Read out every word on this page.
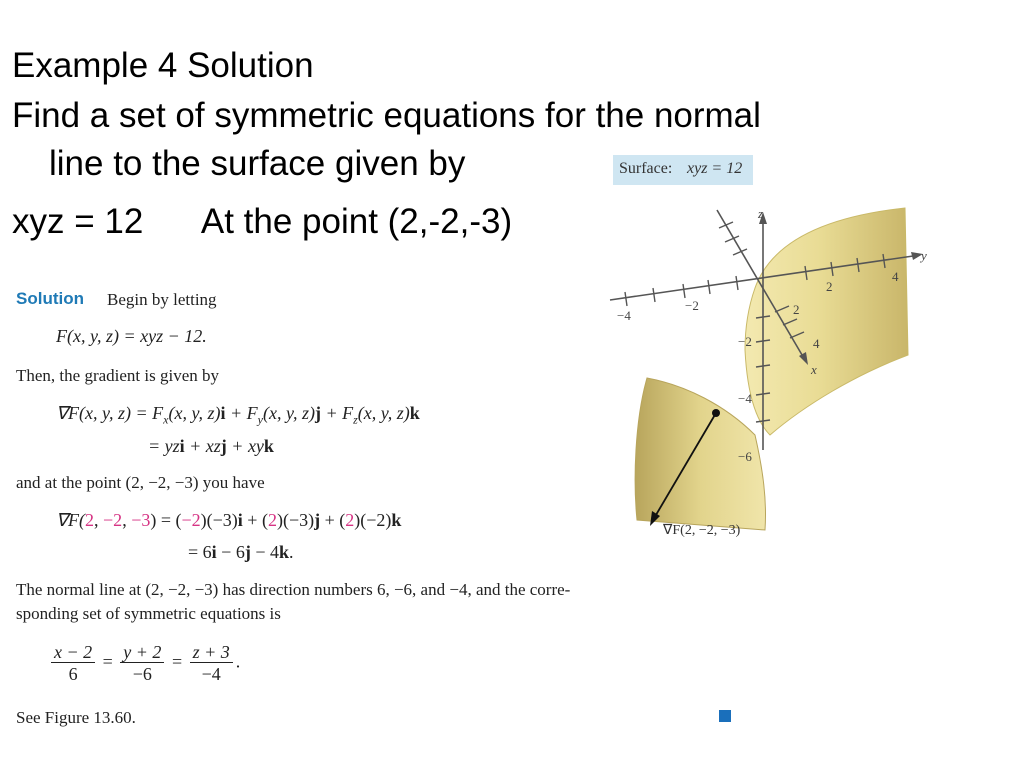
Example 4 Solution
Find a set of symmetric equations for the normal
line to the surface given by
xyz = 12 At the point (2,-2,-3)
Surface: xyz = 12
z
y
x
−4
−2
2
4
2
4
−2
−4
−6
∇F(2, −2, −3)
Solution Begin by letting
F(x, y, z) = xyz − 12.
Then, the gradient is given by
∇F(x, y, $z) = F_x(x$, y, $z)i + F_y(x$, y, $z)j + F_z(x$, y, z)k
= yzi + xzj + xyk
and at the point (2, −2, −3) you have
∇F(2, −2, −3) = (−2)(−3)i + (2)(−3)j + (2)(−2)k
= 6i − 6j − 4k.
The normal line at (2, −2, −3) has direction numbers 6, −6, and −4, and the corre-
sponding set of symmetric equations is
$\frac{x - 2}{6} = \frac{y + 2}{-6} = \frac{z + 3}{-4}$ .
See Figure 13.60.
